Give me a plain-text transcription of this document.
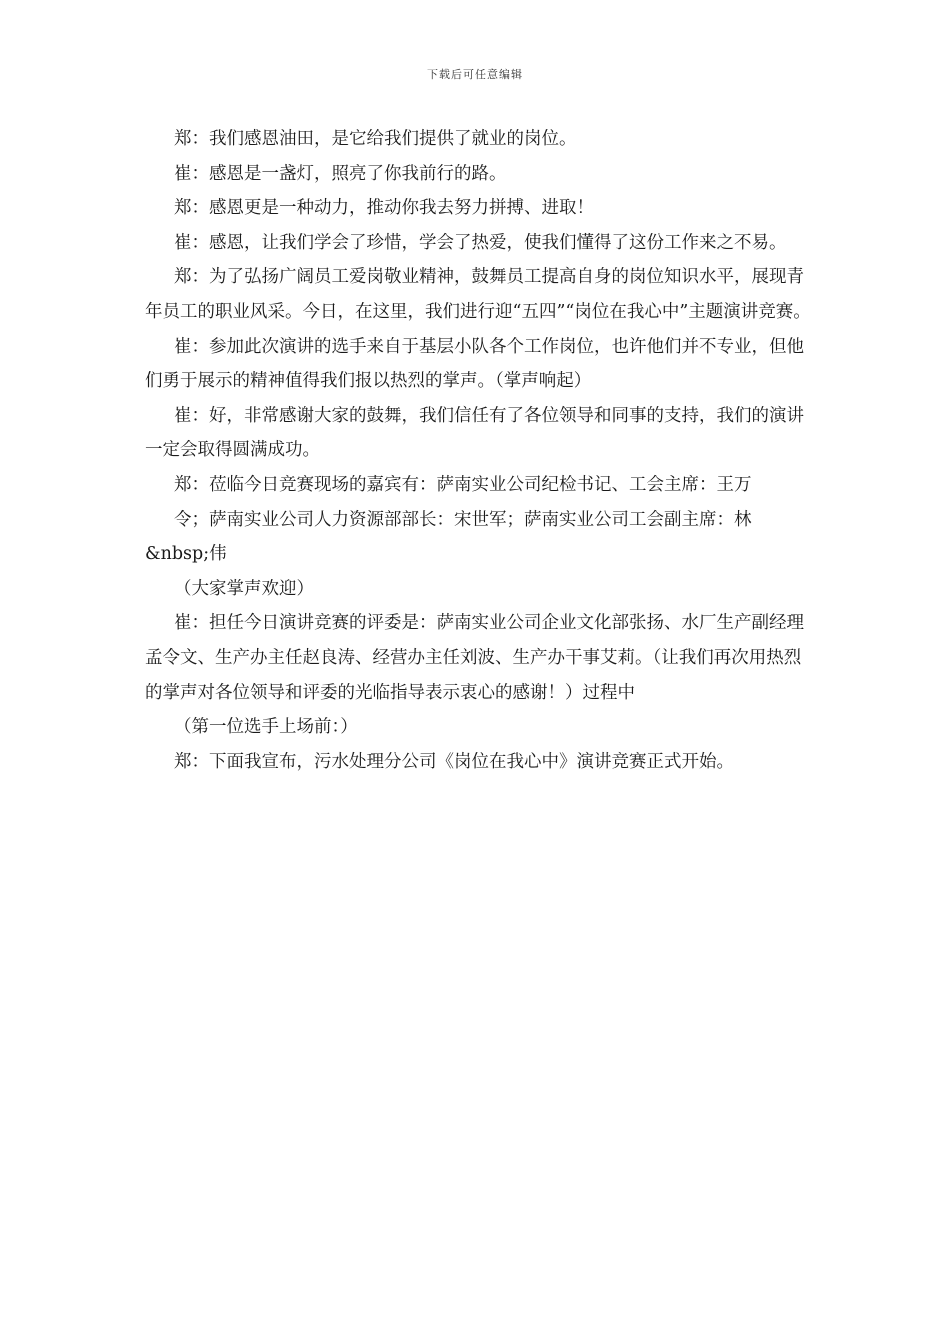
下载后可任意编辑

郑：我们感恩油田，是它给我们提供了就业的岗位。

崔：感恩是一盏灯，照亮了你我前行的路。

郑：感恩更是一种动力，推动你我去努力拼搏、进取！

崔：感恩，让我们学会了珍惜，学会了热爱，使我们懂得了这份工作来之不易。

郑：为了弘扬广阔员工爱岗敬业精神，鼓舞员工提高自身的岗位知识水平，展现青年员工的职业风采。今日，在这里，我们进行迎“五四”“岗位在我心中”主题演讲竞赛。

崔：参加此次演讲的选手来自于基层小队各个工作岗位，也许他们并不专业，但他们勇于展示的精神值得我们报以热烈的掌声。（掌声响起）

崔：好，非常感谢大家的鼓舞，我们信任有了各位领导和同事的支持，我们的演讲一定会取得圆满成功。

郑：莅临今日竞赛现场的嘉宾有：萨南实业公司纪检书记、工会主席：王万

令；萨南实业公司人力资源部部长：宋世军；萨南实业公司工会副主席：林

&nbsp;伟

（大家掌声欢迎）

崔：担任今日演讲竞赛的评委是：萨南实业公司企业文化部张扬、水厂生产副经理孟令文、生产办主任赵良涛、经营办主任刘波、生产办干事艾莉。（让我们再次用热烈的掌声对各位领导和评委的光临指导表示衷心的感谢！）过程中

（第一位选手上场前：）

郑：下面我宣布，污水处理分公司《岗位在我心中》演讲竞赛正式开始。
